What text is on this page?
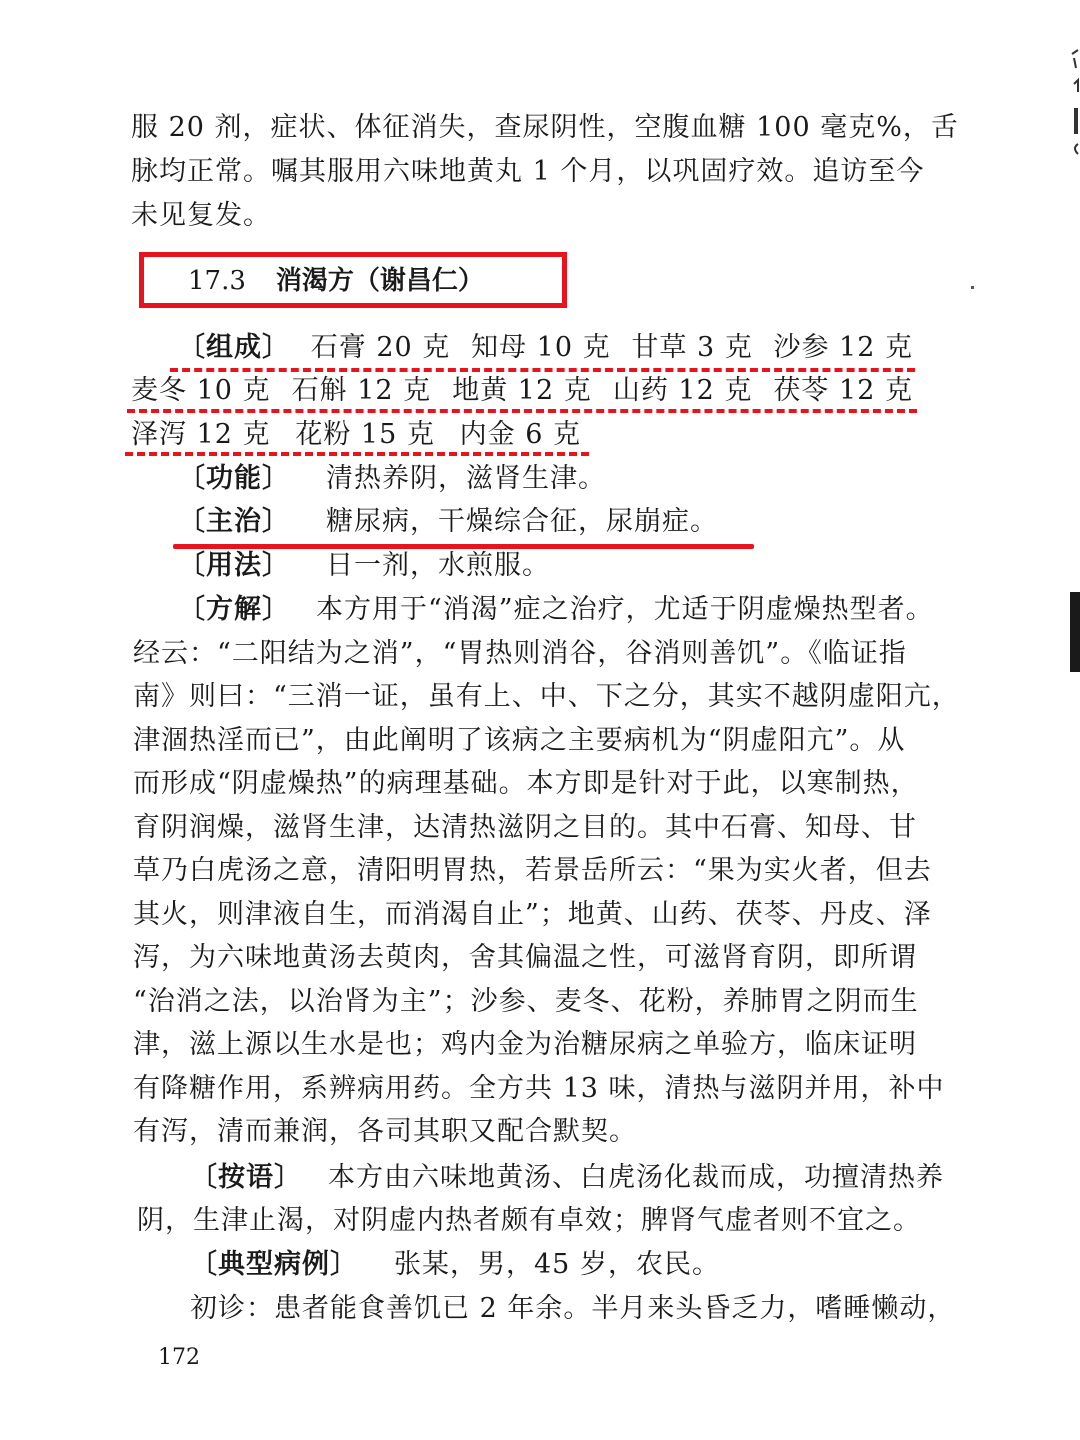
服 20 剂，症状、体征消失，查尿阴性，空腹血糖 100 毫克%，舌
脉均正常。嘱其服用六味地黄丸 1 个月，以巩固疗效。追访至今
未见复发。
17.3 消渴方（谢昌仁）
〔组成〕 石膏 20 克 知母 10 克 甘草 3 克 沙参 12 克
麦冬 10 克 石斛 12 克 地黄 12 克 山药 12 克 茯苓 12 克
泽泻 12 克 花粉 15 克 内金 6 克
〔功能〕 清热养阴，滋肾生津。
〔主治〕 糖尿病，干燥综合征，尿崩症。
〔用法〕 日一剂，水煎服。
〔方解〕 本方用于“消渴”症之治疗，尤适于阴虚燥热型者。
经云：“二阳结为之消”，“胃热则消谷，谷消则善饥”。《临证指
南》则曰：“三消一证，虽有上、中、下之分，其实不越阴虚阳亢，
津涸热淫而已”，由此阐明了该病之主要病机为“阴虚阳亢”。从
而形成“阴虚燥热”的病理基础。本方即是针对于此，以寒制热，
育阴润燥，滋肾生津，达清热滋阴之目的。其中石膏、知母、甘
草乃白虎汤之意，清阳明胃热，若景岳所云：“果为实火者，但去
其火，则津液自生，而消渴自止”；地黄、山药、茯苓、丹皮、泽
泻，为六味地黄汤去萸肉，舍其偏温之性，可滋肾育阴，即所谓
“治消之法，以治肾为主”；沙参、麦冬、花粉，养肺胃之阴而生
津，滋上源以生水是也；鸡内金为治糖尿病之单验方，临床证明
有降糖作用，系辨病用药。全方共 13 味，清热与滋阴并用，补中
有泻，清而兼润，各司其职又配合默契。
〔按语〕 本方由六味地黄汤、白虎汤化裁而成，功擅清热养
阴，生津止渴，对阴虚内热者颇有卓效；脾肾气虚者则不宜之。
〔典型病例〕 张某，男，45 岁，农民。
初诊：患者能食善饥已 2 年余。半月来头昏乏力，嗜睡懒动，
172
